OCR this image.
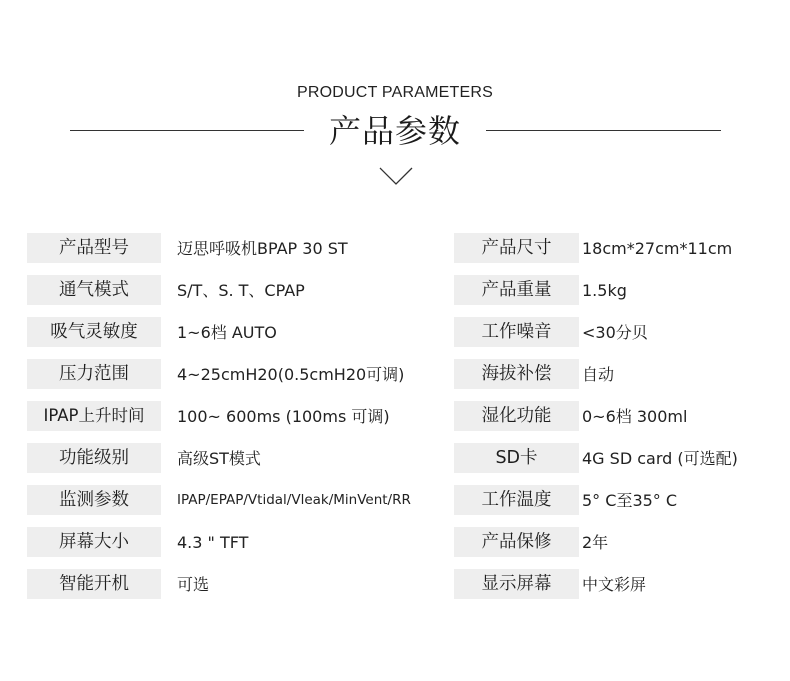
PRODUCT PARAMETERS
产品参数
产品型号	迈思呼吸机BPAP 30 ST	产品尺寸	18cm*27cm*11cm
通气模式	S/T、S. T、CPAP	产品重量	1.5kg
吸气灵敏度	1~6档 AUTO	工作噪音	<30分贝
压力范围	4~25cmH20(0.5cmH20可调)	海拔补偿	自动
IPAP上升时间	100~ 600ms (100ms 可调)	湿化功能	0~6档 300ml
功能级别	高级ST模式	SD卡	4G SD card (可选配)
监测参数	IPAP/EPAP/Vtidal/Vleak/MinVent/RR	工作温度	5° C至35° C
屏幕大小	4.3 " TFT	产品保修	2年
智能开机	可选	显示屏幕	中文彩屏
